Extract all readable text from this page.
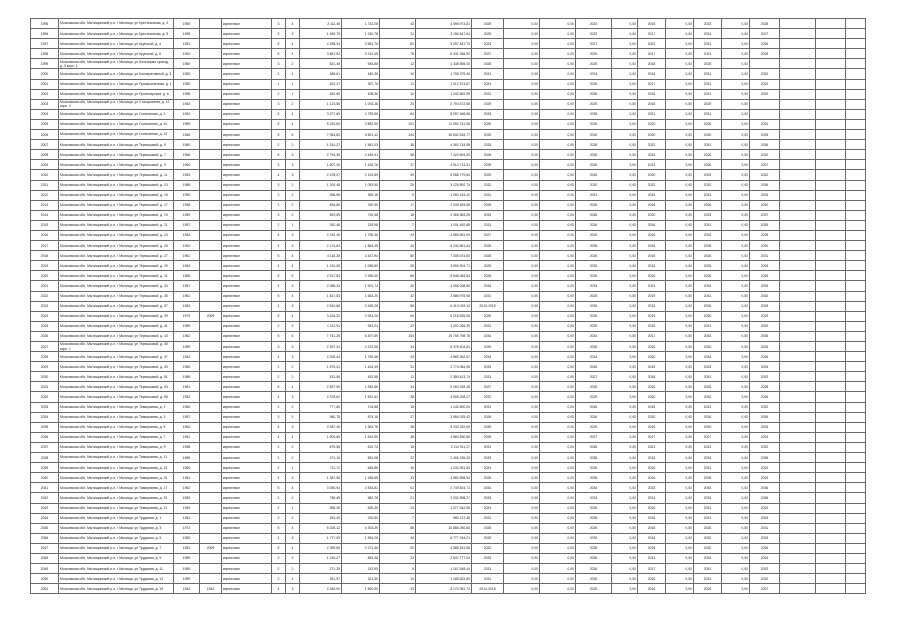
1995	Московская обл, Мытищинский р-н, г Мытищи, ул Крестьянская, д. 4	1959		кирпичные	3	4	2 111,45	1 742,28	43	4 598 973,81	2025	0,00	0,00	2023	0,00	2015	0,00	2023	0,00	2028			
1996	Московская обл, Мытищинский р-н, г Мытищи, ул Крестьянская, д. 8	1958		кирпичные	3	3	1 469,75	1 240,78	31	3 156 847,64	2025	0,00	0,00	2022	0,00	2017	0,00	2024	0,00	2027			
1997	Московская обл, Мытищинский р-н, г Мытищи, ул Крупской, д. 4	1961		кирпичные	5	4	4 298,34	3 561,76	82	9 257 847,73	2033	0,00	0,00	2027	0,00	2022	0,00	2031	0,00	2036			
1998	Московская обл, Мытищинский р-н, г Мытищи, ул Крупской, д. 6	1962		кирпичные	5	4	3 867,52	3 212,45	78	8 331 066,90	2027	0,00	0,00	2029	0,00	2017	0,00	2024	0,00	2028			
1999	Московская обл, Мытищинский р-н, г Мытищи, ул Колонцова проезд, д. 3 корп. 1	1960		кирпичные	3	2	621,45	546,88	12	1 338 555,00	2026	0,00	0,00	2025	0,00	2018	0,00	2025	0,00				
2000	Московская обл, Мытищинский р-н, г Мытищи, ул Кооперативный, д. 3	1960		кирпичные	2	1	488,61	440,36	10	1 796 379,45	2031	0,00	0,00	2024	0,00	2018	0,00	2031	0,00	2032			
2001	Московская обл, Мытищинский р-н, г Мытищи, ул Промышленная, д. 1	1950		кирпичные	1	1	451,37	397,76	11	1 012 573,67	2031	0,00	0,00	2026	0,00	2017	0,00	2031	0,00	2032			
2002	Московская обл, Мытищинский р-н, г Мытищи, ул Пролетарская, д. 6	1958		кирпичные	2	1	462,65	408,96	10	1 342 862,99	2031	0,00	0,00	2026	0,00	2018	0,00	2031	0,00	2032			
2003	Московская обл, Мытищинский р-н, г Мытищи, ул Станционная, д. 12 корп. 2	1963		кирпичные	3	2	1 123,56	1 004,18	23	2 753 672,58	2029	0,00	0,00	2025	0,00	2016	0,00	2029	0,00				
2004	Московская обл, Мытищинский р-н, г Мытищи, ул Силикатная, д. 2	1962		кирпичные	5	4	3 377,69	2 799,56	63	8 097 466,68	2033	0,00	0,00	2028	0,00	2021	0,00	2031	0,00				
2005	Московская обл, Мытищинский р-н, г Мытищи, ул Силикатная, д. 10	1959		кирпичные	5	4	5 220,60	3 882,90	101	11 952 741,08	2030	0,00	0,00	2026	0,00	2020	0,00	2026	0,00	2031			
2006	Московская обл, Мытищинский р-н, г Мытищи, ул Силикатная, д. 12	1965		кирпичные	5	6	7 054,83	5 821,42	144	15 832 634,77	2032	0,00	0,00	2030	0,00	2020	0,00	2030	0,00	2035			
2007	Московская обл, Мытищинский р-н, г Мытищи, ул Терешковой, д. 5	1960		кирпичные	2	2	1 914,37	1 561,03	38	4 362 744,98	2033	0,00	0,00	2028	0,00	2022	0,00	2031	0,00	2036			
2008	Московская обл, Мытищинский р-н, г Мытищи, ул Терешковой, д. 7	1966		кирпичные	5	3	2 794,35	2 449,41	58	7 420 504,30	2026	0,00	0,00	2026	0,00	2015	0,00	2026	0,00	2032			
2009	Московская обл, Мытищинский р-н, г Мытищи, ул Терешковой, д. 9	1960		кирпичные	3	3	1 607,26	1 425,76	37	4 514 713,31	2026	0,00	0,00	2026	0,00	2013	0,00	2026	0,00	2027			
2010	Московская обл, Мытищинский р-н, г Мытищи, ул Терешковой, д. 11	1963		кирпичные	4	3	2 478,07	2 120,89	49	6 086 779,84	2029	0,00	0,00	2026	0,00	2020	0,00	2029	0,00	2032			
2011	Московская обл, Мытищинский р-н, г Мытищи, ул Терешковой, д. 13	1958		кирпичные	3	2	1 200,45	1 053,90	25	3 125 892,74	2032	0,00	0,00	2032	0,00	2022	0,00	2032	0,00	2036			
2012	Московская обл, Мытищинский р-н, г Мытищи, ул Терешковой, д. 15	1950		кирпичные	2	2	396,98	359,18	9	1 054 143,42	2031	0,00	0,00	2031	0,00	2015	0,00	2031	0,00	2033			
2013	Московская обл, Мытищинский р-н, г Мытищи, ул Терешковой, д. 17	1958		кирпичные	2	2	834,80	760,90	17	2 039 483,65	2026	0,00	0,00	2026	0,00	2018	0,00	2026	0,00	2030			
2014	Московская обл, Мытищинский р-н, г Мытищи, ул Терешковой, д. 19	1959		кирпичные	3	2	829,55	730,58	18	2 368 583,05	2033	0,00	0,00	2028	0,00	2020	0,00	2033	0,00	2037			
2015	Московская обл, Мытищинский р-н, г Мытищи, ул Терешковой, д. 21	1957		кирпичные	2	1	352,46	318,98	7	1 191 482,88	2031	0,00	0,00	2026	0,00	2016	0,00	2031	0,00	2035			
2016	Московская обл, Мытищинский р-н, г Мытищи, ул Терешковой, д. 23	1963		кирпичные	4	3	2 152,45	1 796,36	43	4 885 661,94	2027	0,00	0,00	2025	0,00	2016	0,00	2025	0,00	2028			
2017	Московская обл, Мытищинский р-н, г Мытищи, ул Терешковой, д. 25	1962		кирпичные	4	3	2 174,64	1 864,35	44	5 240 861,64	2028	0,00	0,00	2028	0,00	2018	0,00	2028	0,00	2030			
2018	Московская обл, Мытищинский р-н, г Мытищи, ул Терешковой, д. 27	1961		кирпичные	5	4	4 116,28	3 447,94	80	7 305 674,83	2026	0,00	0,00	2026	0,00	2016	0,00	2026	0,00	2031			
2019	Московская обл, Мытищинский р-н, г Мытищи, ул Терешковой, д. 29	1963		кирпичные	4	4	1 210,08	1 058,80	25	3 693 904,71	2025	0,00	0,00	2025	0,00	2015	0,00	2025	0,00	2026			
2020	Московская обл, Мытищинский р-н, г Мытищи, ул Терешковой, д. 31	1956		кирпичные	5	5	2 917,83	2 396,09	66	5 546 083,54	2026	0,00	0,00	2026	0,00	2016	0,00	2026	0,00	2026			
2021	Московская обл, Мытищинский р-н, г Мытищи, ул Терешковой, д. 33	1957		кирпичные	4	3	2 088,34	1 901,74	40	4 906 008,55	2034	0,00	0,00	2034	0,00	2024	0,00	2034	0,00	2035			
2022	Московская обл, Мытищинский р-н, г Мытищи, ул Терешковой, д. 35	1961		кирпичные	5	4	1 817,53	1 663,20	42	3 586 978,98	2031	0,00	0,00	2028	0,00	2019	0,00	2031	0,00	2032			
2023	Московская обл, Мытищинский р-н, г Мытищи, ул Терешковой, д. 37	1963		кирпичные	4	3	2 810,68	2 430,28	55	6 413 019,13	2013-2019	0,00	0,00	2026	0,00	2015	0,00	2026	0,00	2028			
2024	Московская обл, Мытищинский р-н, г Мытищи, ул Терешковой, д. 39	1979	2009	кирпичные	5	4	3 416,32	2 944,26	64	6 218 826,06	2030	0,00	0,00	2026	0,00	2015	0,00	2030	0,00	2033			
2025	Московская обл, Мытищинский р-н, г Мытищи, ул Терешковой, д. 41	1959		кирпичные	2	3	1 112,91	943,24	22	3 202 065,39	2031	0,00	0,00	2029	0,00	2019	0,00	2031	0,00	2032			
2026	Московская обл, Мытищинский р-н, г Мытищи, ул Терешковой, д. 43	1962		кирпичные	5	6	7 741,25	6 307,69	154	19 706 798,78	2034	0,00	0,00	2034	0,00	2017	0,00	2034	0,00	2035			
2027	Московская обл, Мытищинский р-н, г Мытищи, ул Терешковой, д. 45 корп. 1	1959		кирпичные	3	3	2 397,41	2 222,98	43	5 378 404,81	2030	0,00	0,00	2026	0,00	2016	0,00	2030	0,00	2033			
2028	Московская обл, Мытищинский р-н, г Мытищи, ул Терешковой, д. 47	1963		кирпичные	4	3	2 028,44	1 759,48	43	4 889 352,67	2034	0,00	0,00	2034	0,00	2020	0,00	2034	0,00	2036			
2029	Московская обл, Мытищинский р-н, г Мытищи, ул Терешковой, д. 49	1950		кирпичные	2	2	1 675,41	1 424,49	31	2 774 084,98	2033	0,00	0,00	2026	0,00	2015	0,00	2033	0,00	2034			
2030	Московская обл, Мытищинский р-н, г Мытищи, ул Терешковой, д. 51	1958		кирпичные	2	2	513,56	452,98	11	2 380 613,74	2031	0,00	0,00	2027	0,00	2018	0,00	2031	0,00	2032			
2031	Московская обл, Мытищинский р-н, г Мытищи, ул Терешковой, д. 53	1961		кирпичные	5	4	2 597,09	1 952,86	43	5 063 918,48	2027	0,00	0,00	2025	0,00	2016	0,00	2025	0,00	2028			
2032	Московская обл, Мытищинский р-н, г Мытищи, ул Терешковой, д. 55	1952		кирпичные	4	3	2 078,62	1 821,62	38	4 908 328,27	2032	0,00	0,00	2029	0,00	2020	0,00	2032	0,00	2036			
2033	Московская обл, Мытищинский р-н, г Мытищи, ул Тимирязева, д. 1	1960		кирпичные	2	2	777,60	704,88	15	1 142 800,00	2031	0,00	0,00	2026	0,00	2018	0,00	2031	0,00	2032			
2034	Московская обл, Мытищинский р-н, г Мытищи, ул Тимирязева, д. 3	1957		кирпичные	3	3	980,78	874,16	27	3 060 025,42	2026	0,00	0,00	2026	0,00	2020	0,00	2026	0,00	2026			
2035	Московская обл, Мытищинский р-н, г Мытищи, ул Тимирязева, д. 5	1962		кирпичные	4	3	2 087,45	1 963,78	38	5 230 332,69	2030	0,00	0,00	2029	0,00	2019	0,00	2030	0,00	2033			
2036	Московская обл, Мытищинский р-н, г Мытищи, ул Тимирязева, д. 7	1961		кирпичные	4	4	1 904,65	1 624,90	38	4 560 830,86	2028	0,00	0,00	2027	0,00	2017	0,00	2027	0,00	2033			
2037	Московская обл, Мытищинский р-н, г Мытищи, ул Тимирязева, д. 9	1958		кирпичные	2	2	679,58	610,74	15	2 114 911,27	2031	0,00	0,00	2028	0,00	2021	0,00	2031	0,00	2032			
2038	Московская обл, Мытищинский р-н, г Мытищи, ул Тимирязева, д. 11	1955		кирпичные	2	2	971,16	851,08	22	2 406 235,43	2033	0,00	0,00	2028	0,00	2015	0,00	2033	0,00	2036			
2039	Московская обл, Мытищинский р-н, г Мытищи, ул Тимирязева, д. 13	1960		кирпичные	2	1	711,72	645,88	16	1 244 951,54	2031	0,00	0,00	2026	0,00	2016	0,00	2031	0,00	2032			
2040	Московская обл, Мытищинский р-н, г Мытищи, ул Тимирязева, д. 15	1961		кирпичные	4	3	1 387,58	1 256,65	33	3 583 898,94	2028	0,00	0,00	2028	0,00	2016	0,00	2028	0,00	2029			
2041	Московская обл, Мытищинский р-н, г Мытищи, ул Тимирязева, д. 17	1962		кирпичные	5	4	3 050,94	2 534,81	61	2 749 824,71	2034	0,00	0,00	2034	0,00	2023	0,00	2034	0,00	2036			
2042	Московская обл, Мытищинский р-н, г Мытищи, ул Тимирязева, д. 19	1953		кирпичные	2	2	796,45	682,78	21	2 032 898,27	2033	0,00	0,00	2033	0,00	2014	0,00	2033	0,00	2036			
2043	Московская обл, Мытищинский р-н, г Мытищи, ул Тимирязева, д. 21	1949		кирпичные	2	1	596,28	526,35	13	1 377 642,56	2031	0,00	0,00	2026	0,00	2016	0,00	2031	0,00	2032			
2044	Московская обл, Мытищинский р-н, г Мытищи, ул Трудовая, д. 1	1961		кирпичные	3	2	263,40	230,80	7	980 127,45	2031	0,00	0,00	2028	0,00	2018	0,00	2031	0,00	2033			
2045	Московская обл, Мытищинский р-н, г Мытищи, ул Трудовая, д. 3	1972		кирпичные	5	4	5 028,12	4 303,39	88	10 885 260,84	2026	0,00	0,00	2026	0,00	2016	0,00	2026	0,00	2031			
2046	Московская обл, Мытищинский р-н, г Мытищи, ул Трудовая, д. 5	1960		кирпичные	4	3	1 717,09	1 594,26	40	6 777 244,21	2032	0,00	0,00	2029	0,00	2018	0,00	2032	0,00	2033			
2047	Московская обл, Мытищинский р-н, г Мытищи, ул Трудовая, д. 7	1961	2009	кирпичные	5	4	2 399,65	2 271,46	52	4 585 631,56	2032	0,00	0,00	2028	0,00	2018	0,00	2032	0,00	2036			
2048	Московская обл, Мытищинский р-н, г Мытищи, ул Трудовая, д. 9	1959		кирпичные	3	3	1 016,27	854,38	23	2 547 777,04	2033	0,00	0,00	2026	0,00	2014	0,00	2033	0,00	2034			
2049	Московская обл, Мытищинский р-н, г Мытищи, ул Трудовая, д. 11	1959		кирпичные	2	2	271,28	243,95	6	1 167 648,44	2031	0,00	0,00	2026	0,00	2017	0,00	2031	0,00	2032			
2050	Московская обл, Мытищинский р-н, г Мытищи, ул Трудовая, д. 13	1959		кирпичные	2	1	361,97	321,30	10	1 185 822,83	2031	0,00	0,00	2026	0,00	2016	0,00	2031	0,00	2032			
2051	Московская обл, Мытищинский р-н, г Мытищи, ул Трудовая, д. 15	1963	1963	кирпичные	4	3	2 450,00	1 800,90	33	5 170 981,74	2014-2018	0,00	0,00	2025	0,00	2015	0,00	2025	0,00	2027			
